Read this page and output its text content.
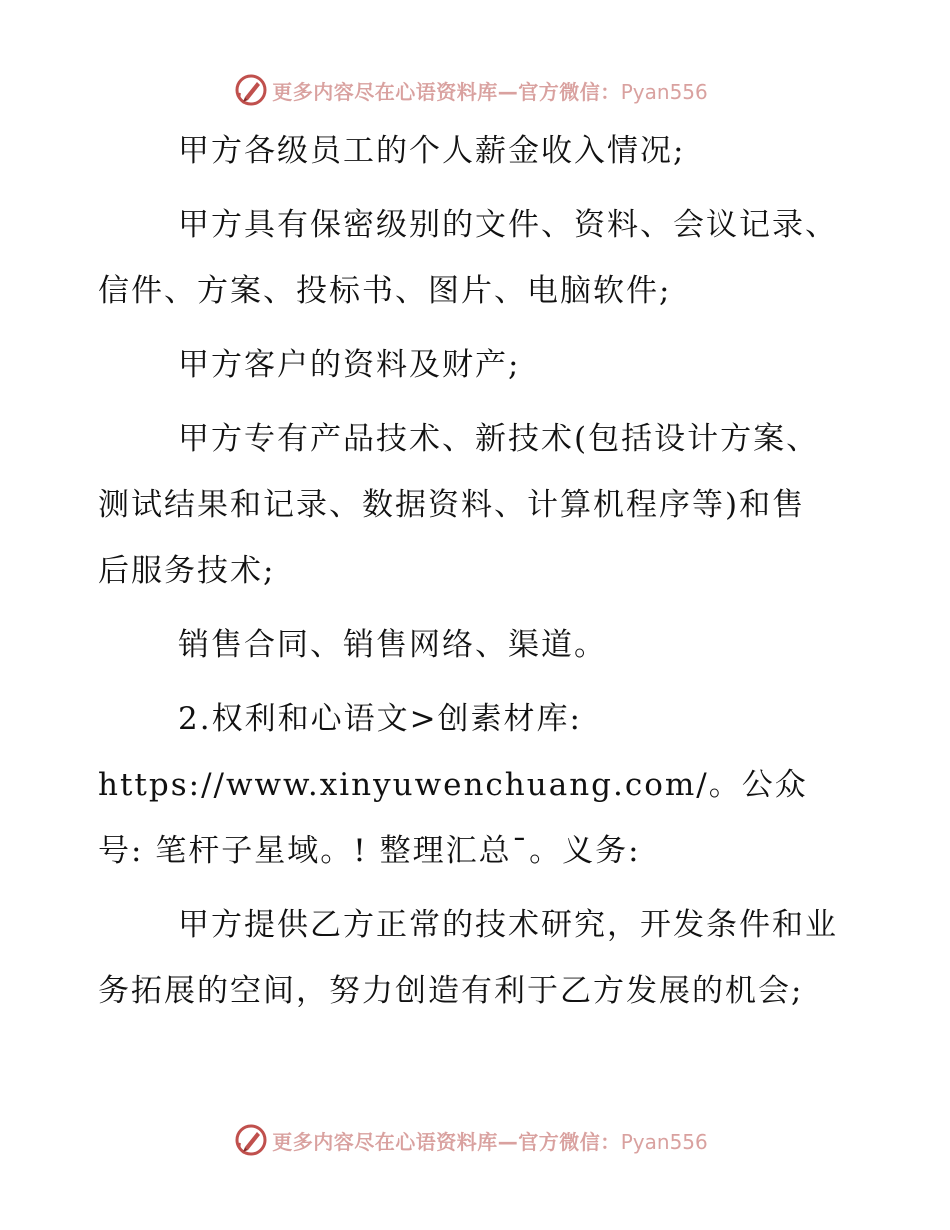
更多内容尽在心语资料库—官方微信：Pyan556

甲方各级员工的个人薪金收入情况;

甲方具有保密级别的文件、资料、会议记录、信件、方案、投标书、图片、电脑软件;

甲方客户的资料及财产;

甲方专有产品技术、新技术(包括设计方案、测试结果和记录、数据资料、计算机程序等)和售后服务技术;

销售合同、销售网络、渠道。

2.权利和心语文>创素材库: https://www.xinyuwenchuang.com/。公众号: 笔杆子星域。! 整理汇总¯。义务:

甲方提供乙方正常的技术研究，开发条件和业务拓展的空间，努力创造有利于乙方发展的机会;

更多内容尽在心语资料库—官方微信：Pyan556
